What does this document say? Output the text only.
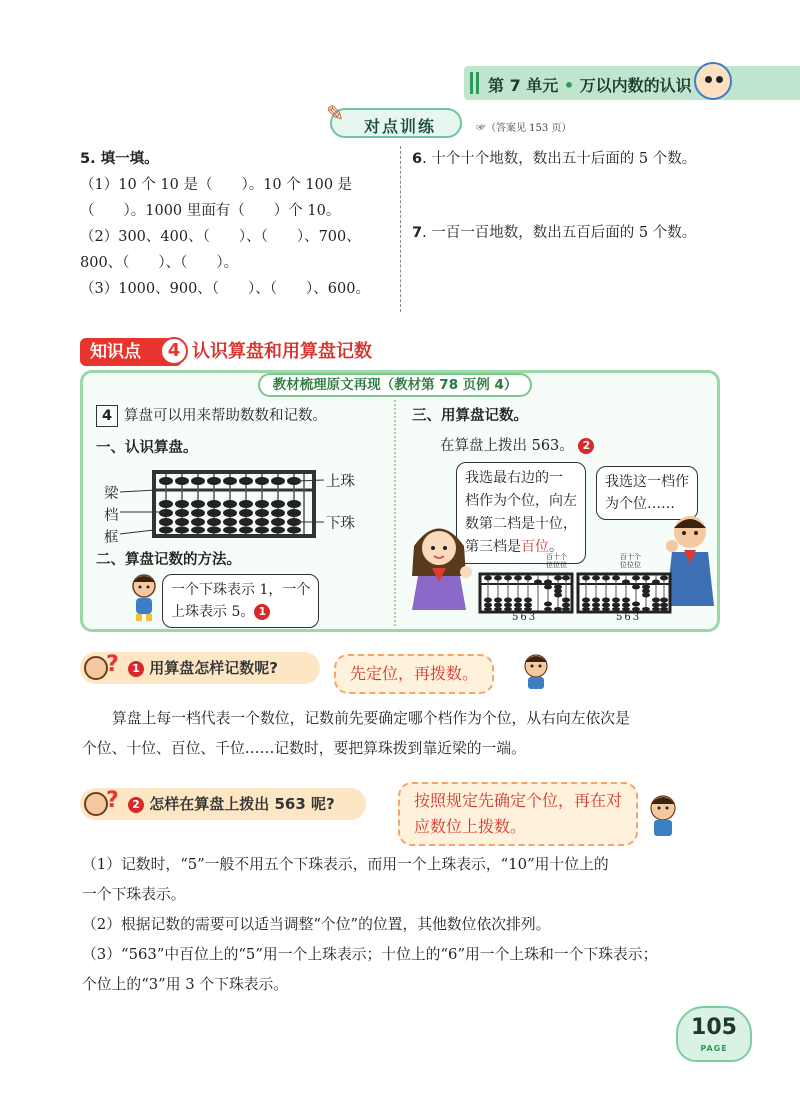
第 7 单元 • 万以内数的认识
✎ 对点训练	☞（答案见 153 页）
5. 填一填。
（1）10 个 10 是（　　）。10 个 100 是
（　　）。1000 里面有（　　）个 10。
（2）300、400、（　　）、（　　）、700、
800、（　　）、（　　）。
（3）1000、900、（　　）、（　　）、600。
6. 十个十个地数，数出五十后面的 5 个数。
7. 一百一百地数，数出五百后面的 5 个数。
知识点	4 认识算盘和用算盘记数
教材梳理原文再现（教材第 78 页例 4）
4 算盘可以用来帮助数数和记数。
一、认识算盘。
梁
档
框
上珠
下珠
二、算盘记数的方法。
一个下珠表示 1，一个
上珠表示 5。 1
三、用算盘记数。
在算盘上拨出 563。 2
我选最右边的一
档作为个位，向左
数第二档是十位，
第三档是百位。
我选这一档作
为个位……
百十个
位位位
563
百十个
位位位
563
?	1 用算盘怎样记数呢?	先定位，再拨数。
算盘上每一档代表一个数位，记数前先要确定哪个档作为个位，从右向左依次是
个位、十位、百位、千位……记数时，要把算珠拨到靠近梁的一端。
?	2 怎样在算盘上拨出 563 呢?	按照规定先确定个位，再在对
应数位上拨数。
（1）记数时，“5”一般不用五个下珠表示，而用一个上珠表示，“10”用十位上的
一个下珠表示。
（2）根据记数的需要可以适当调整“个位”的位置，其他数位依次排列。
（3）“563”中百位上的“5”用一个上珠表示；十位上的“6”用一个上珠和一个下珠表示；
个位上的“3”用 3 个下珠表示。
105
PAGE
